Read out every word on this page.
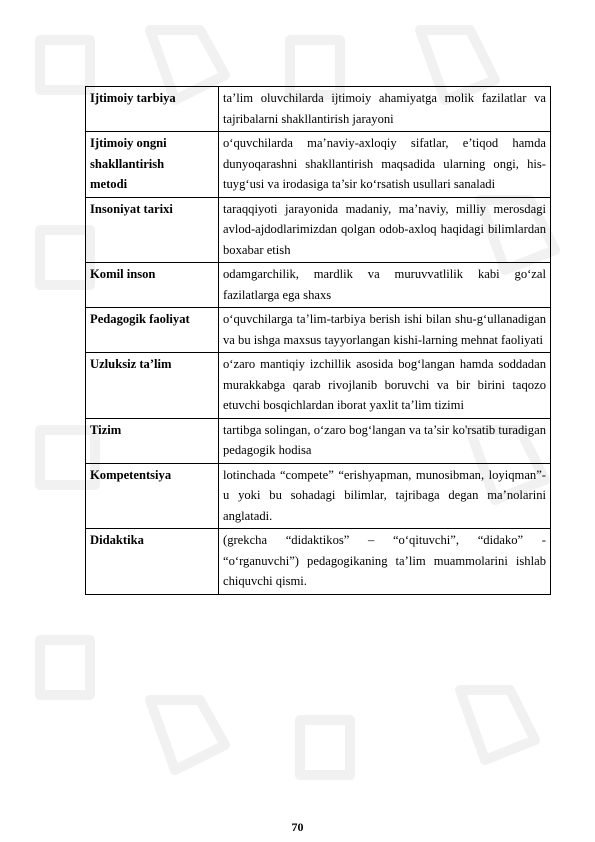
Ijtimoiy tarbiya	ta’lim oluvchilarda ijtimoiy ahamiyatga molik fazilatlar va tajribalarni shakllantirish jarayoni
Ijtimoiy ongni shakllantirish metodi	o‘quvchilarda ma’naviy-axloqiy sifatlar, e’tiqod hamda dunyoqarashni shakllantirish maqsadida ularning ongi, his-tuyg‘usi va irodasiga ta’sir ko‘rsatish usullari sanaladi
Insoniyat tarixi	taraqqiyoti jarayonida madaniy, ma’naviy, milliy merosdagi avlod-ajdodlarimizdan qolgan odob-axloq haqidagi bilimlardan boxabar etish
Komil inson	odamgarchilik, mardlik va muruvvatlilik kabi go‘zal fazilatlarga ega shaxs
Pedagogik faoliyat	o‘quvchilarga ta’lim-tarbiya berish ishi bilan shu-g‘ullanadigan va bu ishga maxsus tayyorlangan kishi-larning mehnat faoliyati
Uzluksiz ta’lim	o‘zaro mantiqiy izchillik asosida bog‘langan hamda soddadan murakkabga qarab rivojlanib boruvchi va bir birini taqozo etuvchi bosqichlardan iborat yaxlit ta’lim tizimi
Tizim	tartibga solingan, o‘zaro bog‘langan va ta’sir ko'rsatib turadigan pedagogik hodisa
Kompetentsiya	lotinchada “compete” “erishyapman, munosibman, loyiqman”- u yoki bu sohadagi bilimlar, tajribaga degan ma’nolarini anglatadi.
Didaktika	(grekcha “didaktikos” – “o‘qituvchi”, “didako” - “o‘rganuvchi”) pedagogikaning ta’lim muammolarini ishlab chiquvchi qismi.
70
